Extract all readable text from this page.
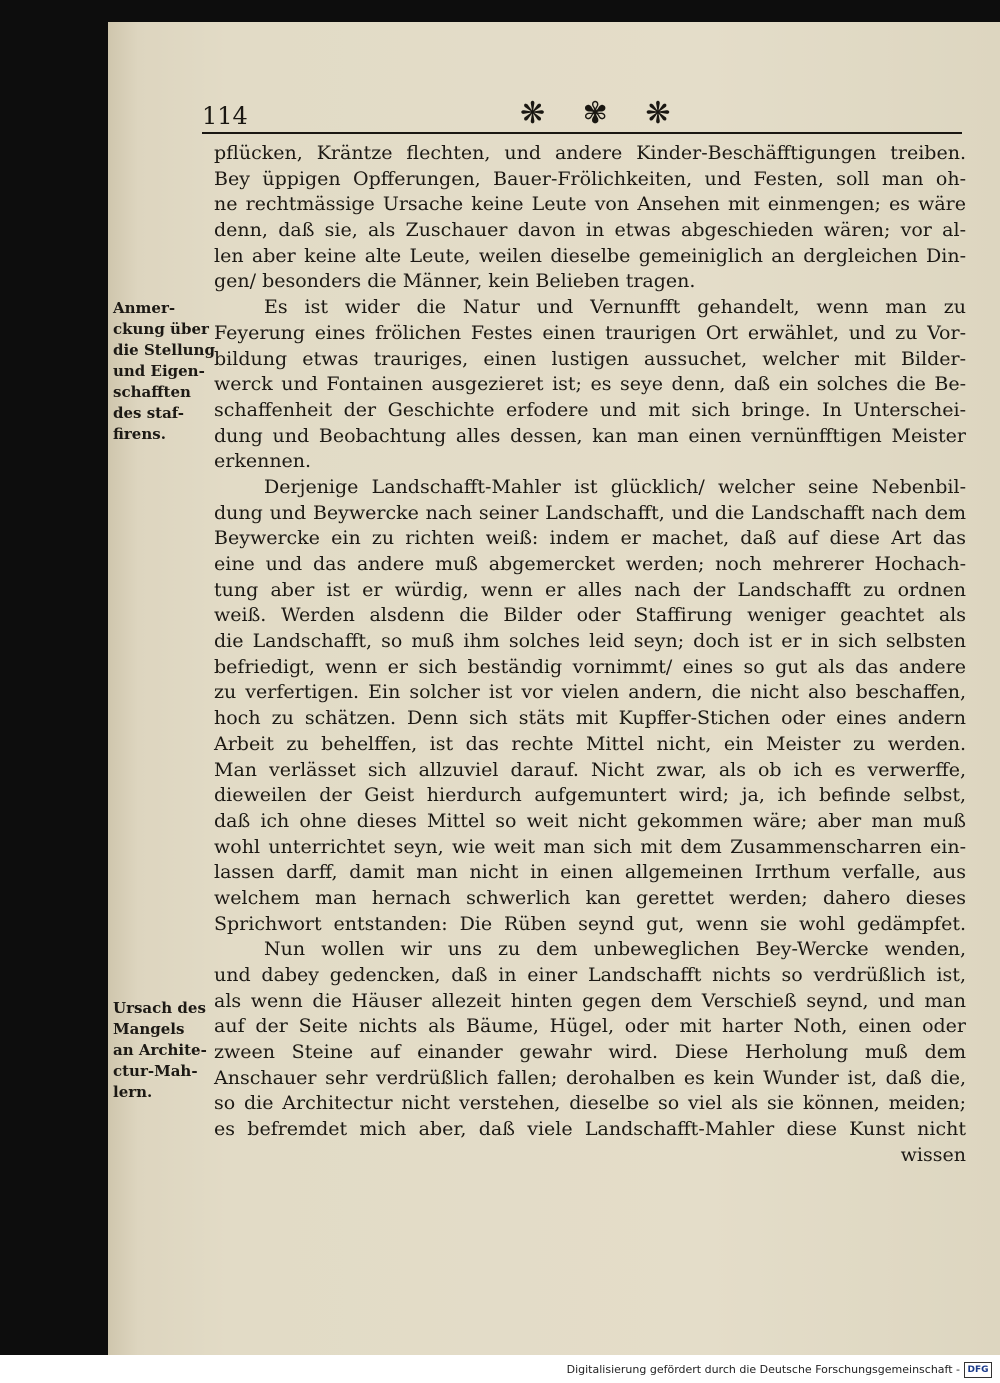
114	❋ ✾ ❋
Anmer-
ckung über
die Stellung
und Eigen-
schafften
des staf-
firens.
Ursach des
Mangels
an Archite-
ctur-Mah-
lern.
pflücken, Kräntze flechten, und andere Kinder-Beschäfftigungen treiben.
Bey üppigen Opfferungen, Bauer-Frölichkeiten, und Festen, soll man oh-
ne rechtmässige Ursache keine Leute von Ansehen mit einmengen; es wäre
denn, daß sie, als Zuschauer davon in etwas abgeschieden wären; vor al-
len aber keine alte Leute, weilen dieselbe gemeiniglich an dergleichen Din-
gen/ besonders die Männer, kein Belieben tragen.
Es ist wider die Natur und Vernunfft gehandelt, wenn man zu
Feyerung eines frölichen Festes einen traurigen Ort erwählet, und zu Vor-
bildung etwas trauriges, einen lustigen aussuchet, welcher mit Bilder-
werck und Fontainen ausgezieret ist; es seye denn, daß ein solches die Be-
schaffenheit der Geschichte erfodere und mit sich bringe. In Unterschei-
dung und Beobachtung alles dessen, kan man einen vernünfftigen Meister
erkennen.
Derjenige Landschafft-Mahler ist glücklich/ welcher seine Nebenbil-
dung und Beywercke nach seiner Landschafft, und die Landschafft nach dem
Beywercke ein zu richten weiß: indem er machet, daß auf diese Art das
eine und das andere muß abgemercket werden; noch mehrerer Hochach-
tung aber ist er würdig, wenn er alles nach der Landschafft zu ordnen
weiß. Werden alsdenn die Bilder oder Staffirung weniger geachtet als
die Landschafft, so muß ihm solches leid seyn; doch ist er in sich selbsten
befriedigt, wenn er sich beständig vornimmt/ eines so gut als das andere
zu verfertigen. Ein solcher ist vor vielen andern, die nicht also beschaffen,
hoch zu schätzen. Denn sich stäts mit Kupffer-Stichen oder eines andern
Arbeit zu behelffen, ist das rechte Mittel nicht, ein Meister zu werden.
Man verlässet sich allzuviel darauf. Nicht zwar, als ob ich es verwerffe,
dieweilen der Geist hierdurch aufgemuntert wird; ja, ich befinde selbst,
daß ich ohne dieses Mittel so weit nicht gekommen wäre; aber man muß
wohl unterrichtet seyn, wie weit man sich mit dem Zusammenscharren ein-
lassen darff, damit man nicht in einen allgemeinen Irrthum verfalle, aus
welchem man hernach schwerlich kan gerettet werden; dahero dieses
Sprichwort entstanden: Die Rüben seynd gut, wenn sie wohl gedämpfet.
Nun wollen wir uns zu dem unbeweglichen Bey-Wercke wenden,
und dabey gedencken, daß in einer Landschafft nichts so verdrüßlich ist,
als wenn die Häuser allezeit hinten gegen dem Verschieß seynd, und man
auf der Seite nichts als Bäume, Hügel, oder mit harter Noth, einen oder
zween Steine auf einander gewahr wird. Diese Herholung muß dem
Anschauer sehr verdrüßlich fallen; derohalben es kein Wunder ist, daß die,
so die Architectur nicht verstehen, dieselbe so viel als sie können, meiden;
es befremdet mich aber, daß viele Landschafft-Mahler diese Kunst nicht
wissen
Digitalisierung gefördert durch die Deutsche Forschungsgemeinschaft - DFG
